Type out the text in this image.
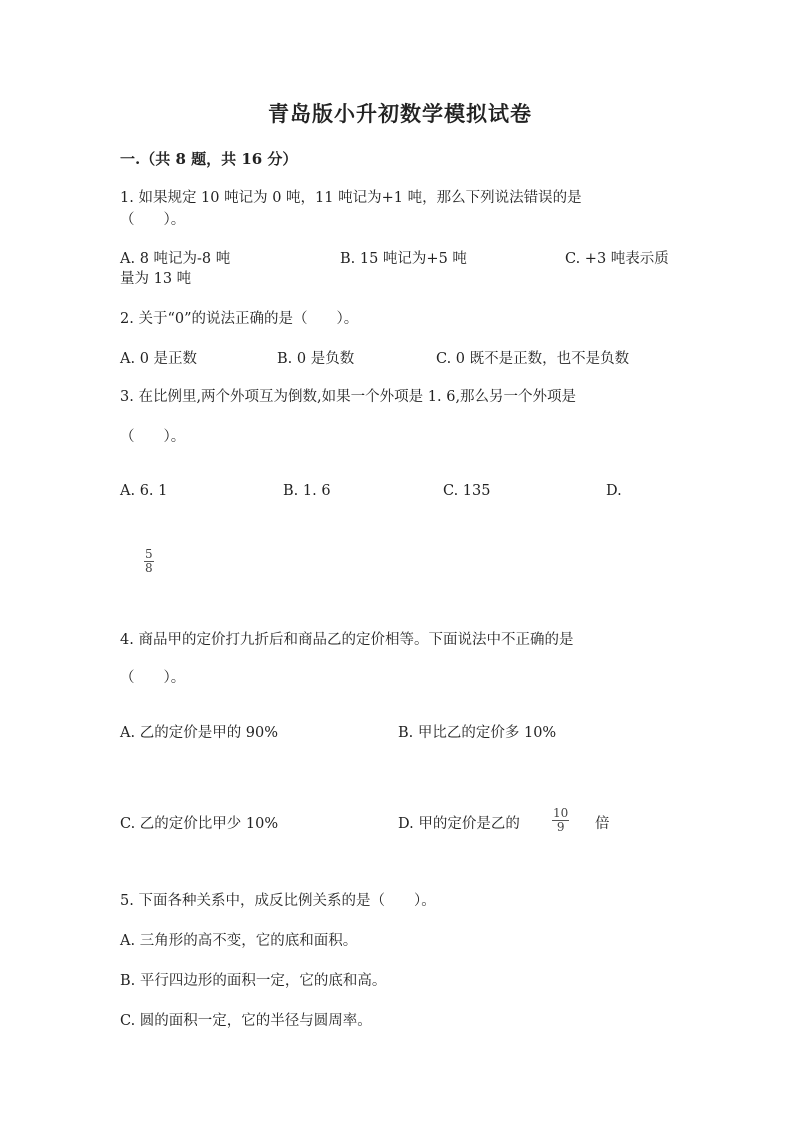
青岛版小升初数学模拟试卷
一.（共 8 题，共 16 分）
1. 如果规定 10 吨记为 0 吨，11 吨记为+1 吨，那么下列说法错误的是
（　　）。
A. 8 吨记为-8 吨	B. 15 吨记为+5 吨	C. +3 吨表示质
量为 13 吨
2. 关于“0”的说法正确的是（　　）。
A. 0 是正数	B. 0 是负数	C. 0 既不是正数，也不是负数
3. 在比例里,两个外项互为倒数,如果一个外项是 1. 6,那么另一个外项是
（　　）。
A. 6. 1	B. 1. 6	C. 135	D.
$\frac{5}{8}$
4. 商品甲的定价打九折后和商品乙的定价相等。下面说法中不正确的是
（　　）。
A. 乙的定价是甲的 90%	B. 甲比乙的定价多 10%
C. 乙的定价比甲少 10%	D. 甲的定价是乙的	$\frac{10}{9}$ 倍
5. 下面各种关系中，成反比例关系的是（　　）。
A. 三角形的高不变，它的底和面积。
B. 平行四边形的面积一定，它的底和高。
C. 圆的面积一定，它的半径与圆周率。
